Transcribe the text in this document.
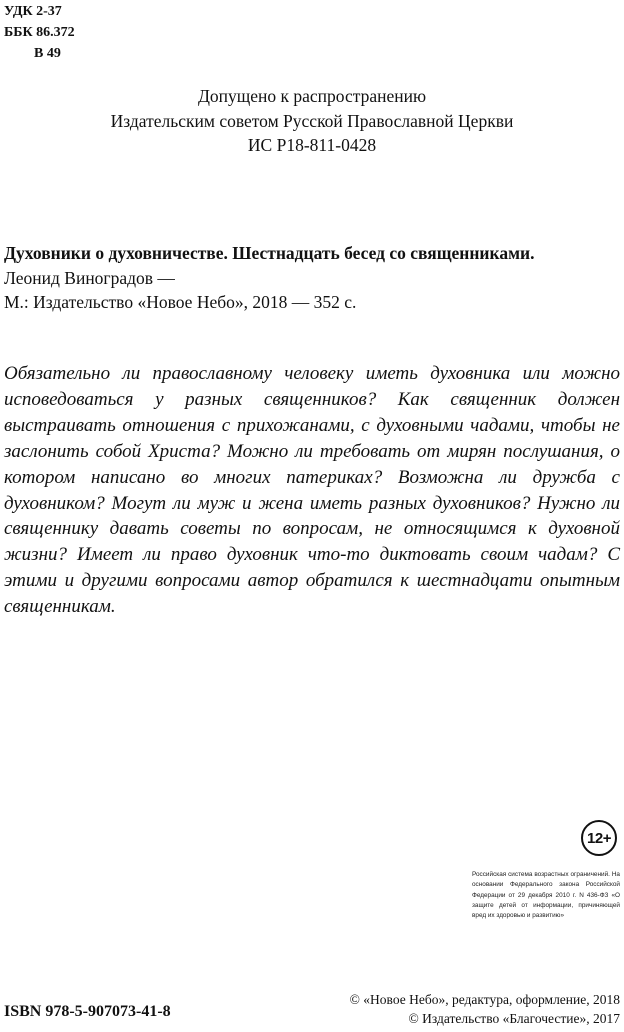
УДК 2-37
ББК 86.372
В 49
Допущено к распространению
Издательским советом Русской Православной Церкви
ИС Р18-811-0428
Духовники о духовничестве. Шестнадцать бесед со священниками.
Леонид Виноградов —
М.: Издательство «Новое Небо», 2018 — 352 с.
Обязательно ли православному человеку иметь духовника или можно исповедоваться у разных священников? Как священник должен выстраивать отношения с прихожанами, с духовными чадами, чтобы не заслонить собой Христа? Можно ли требовать от мирян послушания, о котором написано во многих патериках? Возможна ли дружба с духовником? Могут ли муж и жена иметь разных духовников? Нужно ли священнику давать советы по вопросам, не относящимся к духовной жизни? Имеет ли право духовник что-то диктовать своим чадам? С этими и другими вопросами автор обратился к шестнадцати опытным священникам.
12+
Российская система возрастных ограничений. На основании Федерального закона Российской Федерации от 29 декабря 2010 г. N 436-ФЗ «О защите детей от информации, причиняющей вред их здоровью и развитию»
ISBN 978-5-907073-41-8
© «Новое Небо», редактура, оформление, 2018
© Издательство «Благочестие», 2017
